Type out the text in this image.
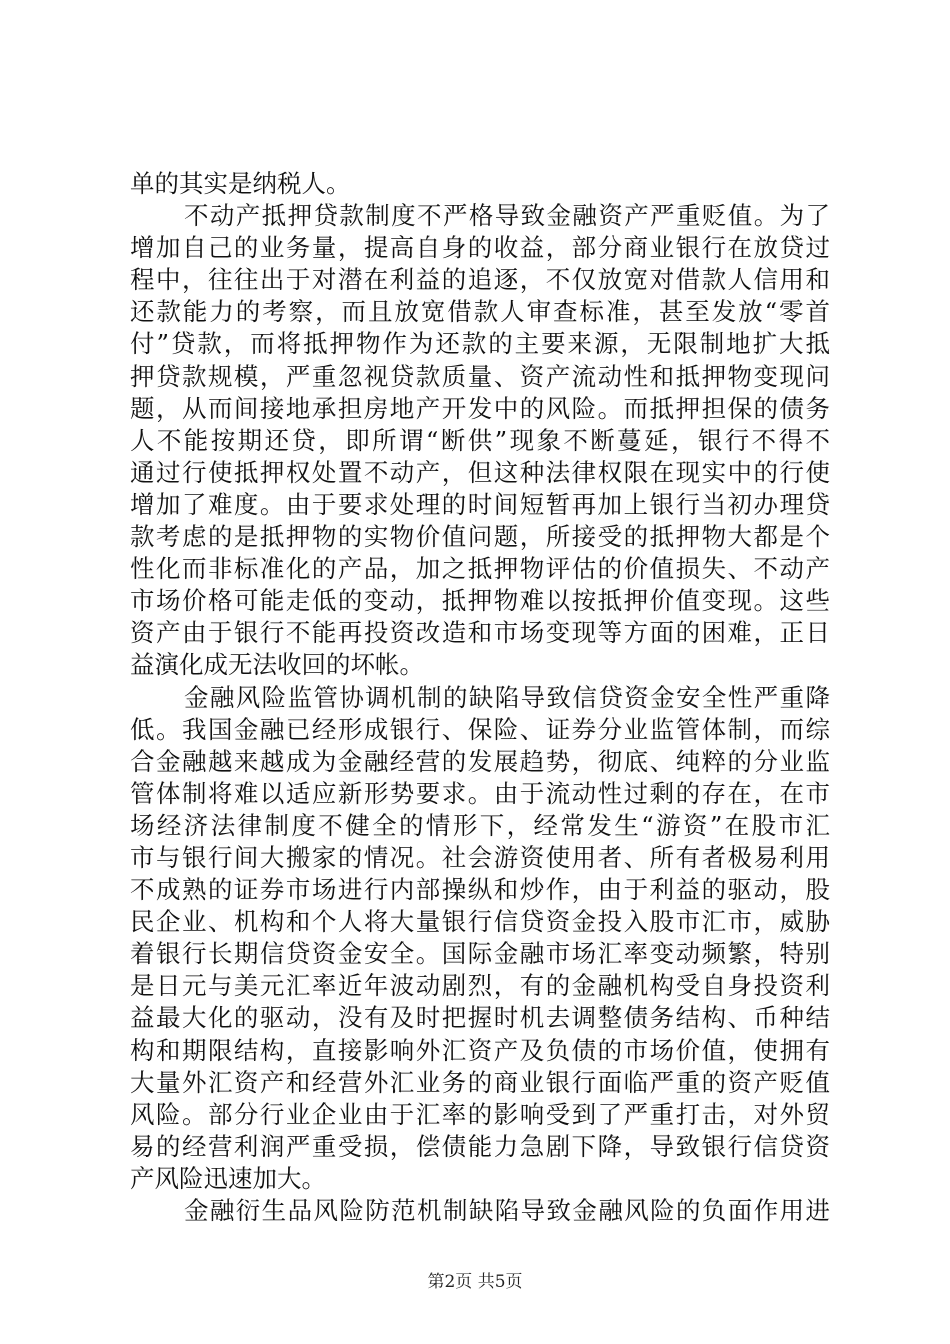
单的其实是纳税人。
不动产抵押贷款制度不严格导致金融资产严重贬值。为了
增加自己的业务量，提高自身的收益，部分商业银行在放贷过
程中，往往出于对潜在利益的追逐，不仅放宽对借款人信用和
还款能力的考察，而且放宽借款人审查标准，甚至发放“零首
付”贷款，而将抵押物作为还款的主要来源，无限制地扩大抵
押贷款规模，严重忽视贷款质量、资产流动性和抵押物变现问
题，从而间接地承担房地产开发中的风险。而抵押担保的债务
人不能按期还贷，即所谓“断供”现象不断蔓延，银行不得不
通过行使抵押权处置不动产，但这种法律权限在现实中的行使
增加了难度。由于要求处理的时间短暂再加上银行当初办理贷
款考虑的是抵押物的实物价值问题，所接受的抵押物大都是个
性化而非标准化的产品，加之抵押物评估的价值损失、不动产
市场价格可能走低的变动，抵押物难以按抵押价值变现。这些
资产由于银行不能再投资改造和市场变现等方面的困难，正日
益演化成无法收回的坏帐。
金融风险监管协调机制的缺陷导致信贷资金安全性严重降
低。我国金融已经形成银行、保险、证券分业监管体制，而综
合金融越来越成为金融经营的发展趋势，彻底、纯粹的分业监
管体制将难以适应新形势要求。由于流动性过剩的存在，在市
场经济法律制度不健全的情形下，经常发生“游资”在股市汇
市与银行间大搬家的情况。社会游资使用者、所有者极易利用
不成熟的证券市场进行内部操纵和炒作，由于利益的驱动，股
民企业、机构和个人将大量银行信贷资金投入股市汇市，威胁
着银行长期信贷资金安全。国际金融市场汇率变动频繁，特别
是日元与美元汇率近年波动剧烈，有的金融机构受自身投资利
益最大化的驱动，没有及时把握时机去调整债务结构、币种结
构和期限结构，直接影响外汇资产及负债的市场价值，使拥有
大量外汇资产和经营外汇业务的商业银行面临严重的资产贬值
风险。部分行业企业由于汇率的影响受到了严重打击，对外贸
易的经营利润严重受损，偿债能力急剧下降，导致银行信贷资
产风险迅速加大。
金融衍生品风险防范机制缺陷导致金融风险的负面作用进
第2页 共5页
